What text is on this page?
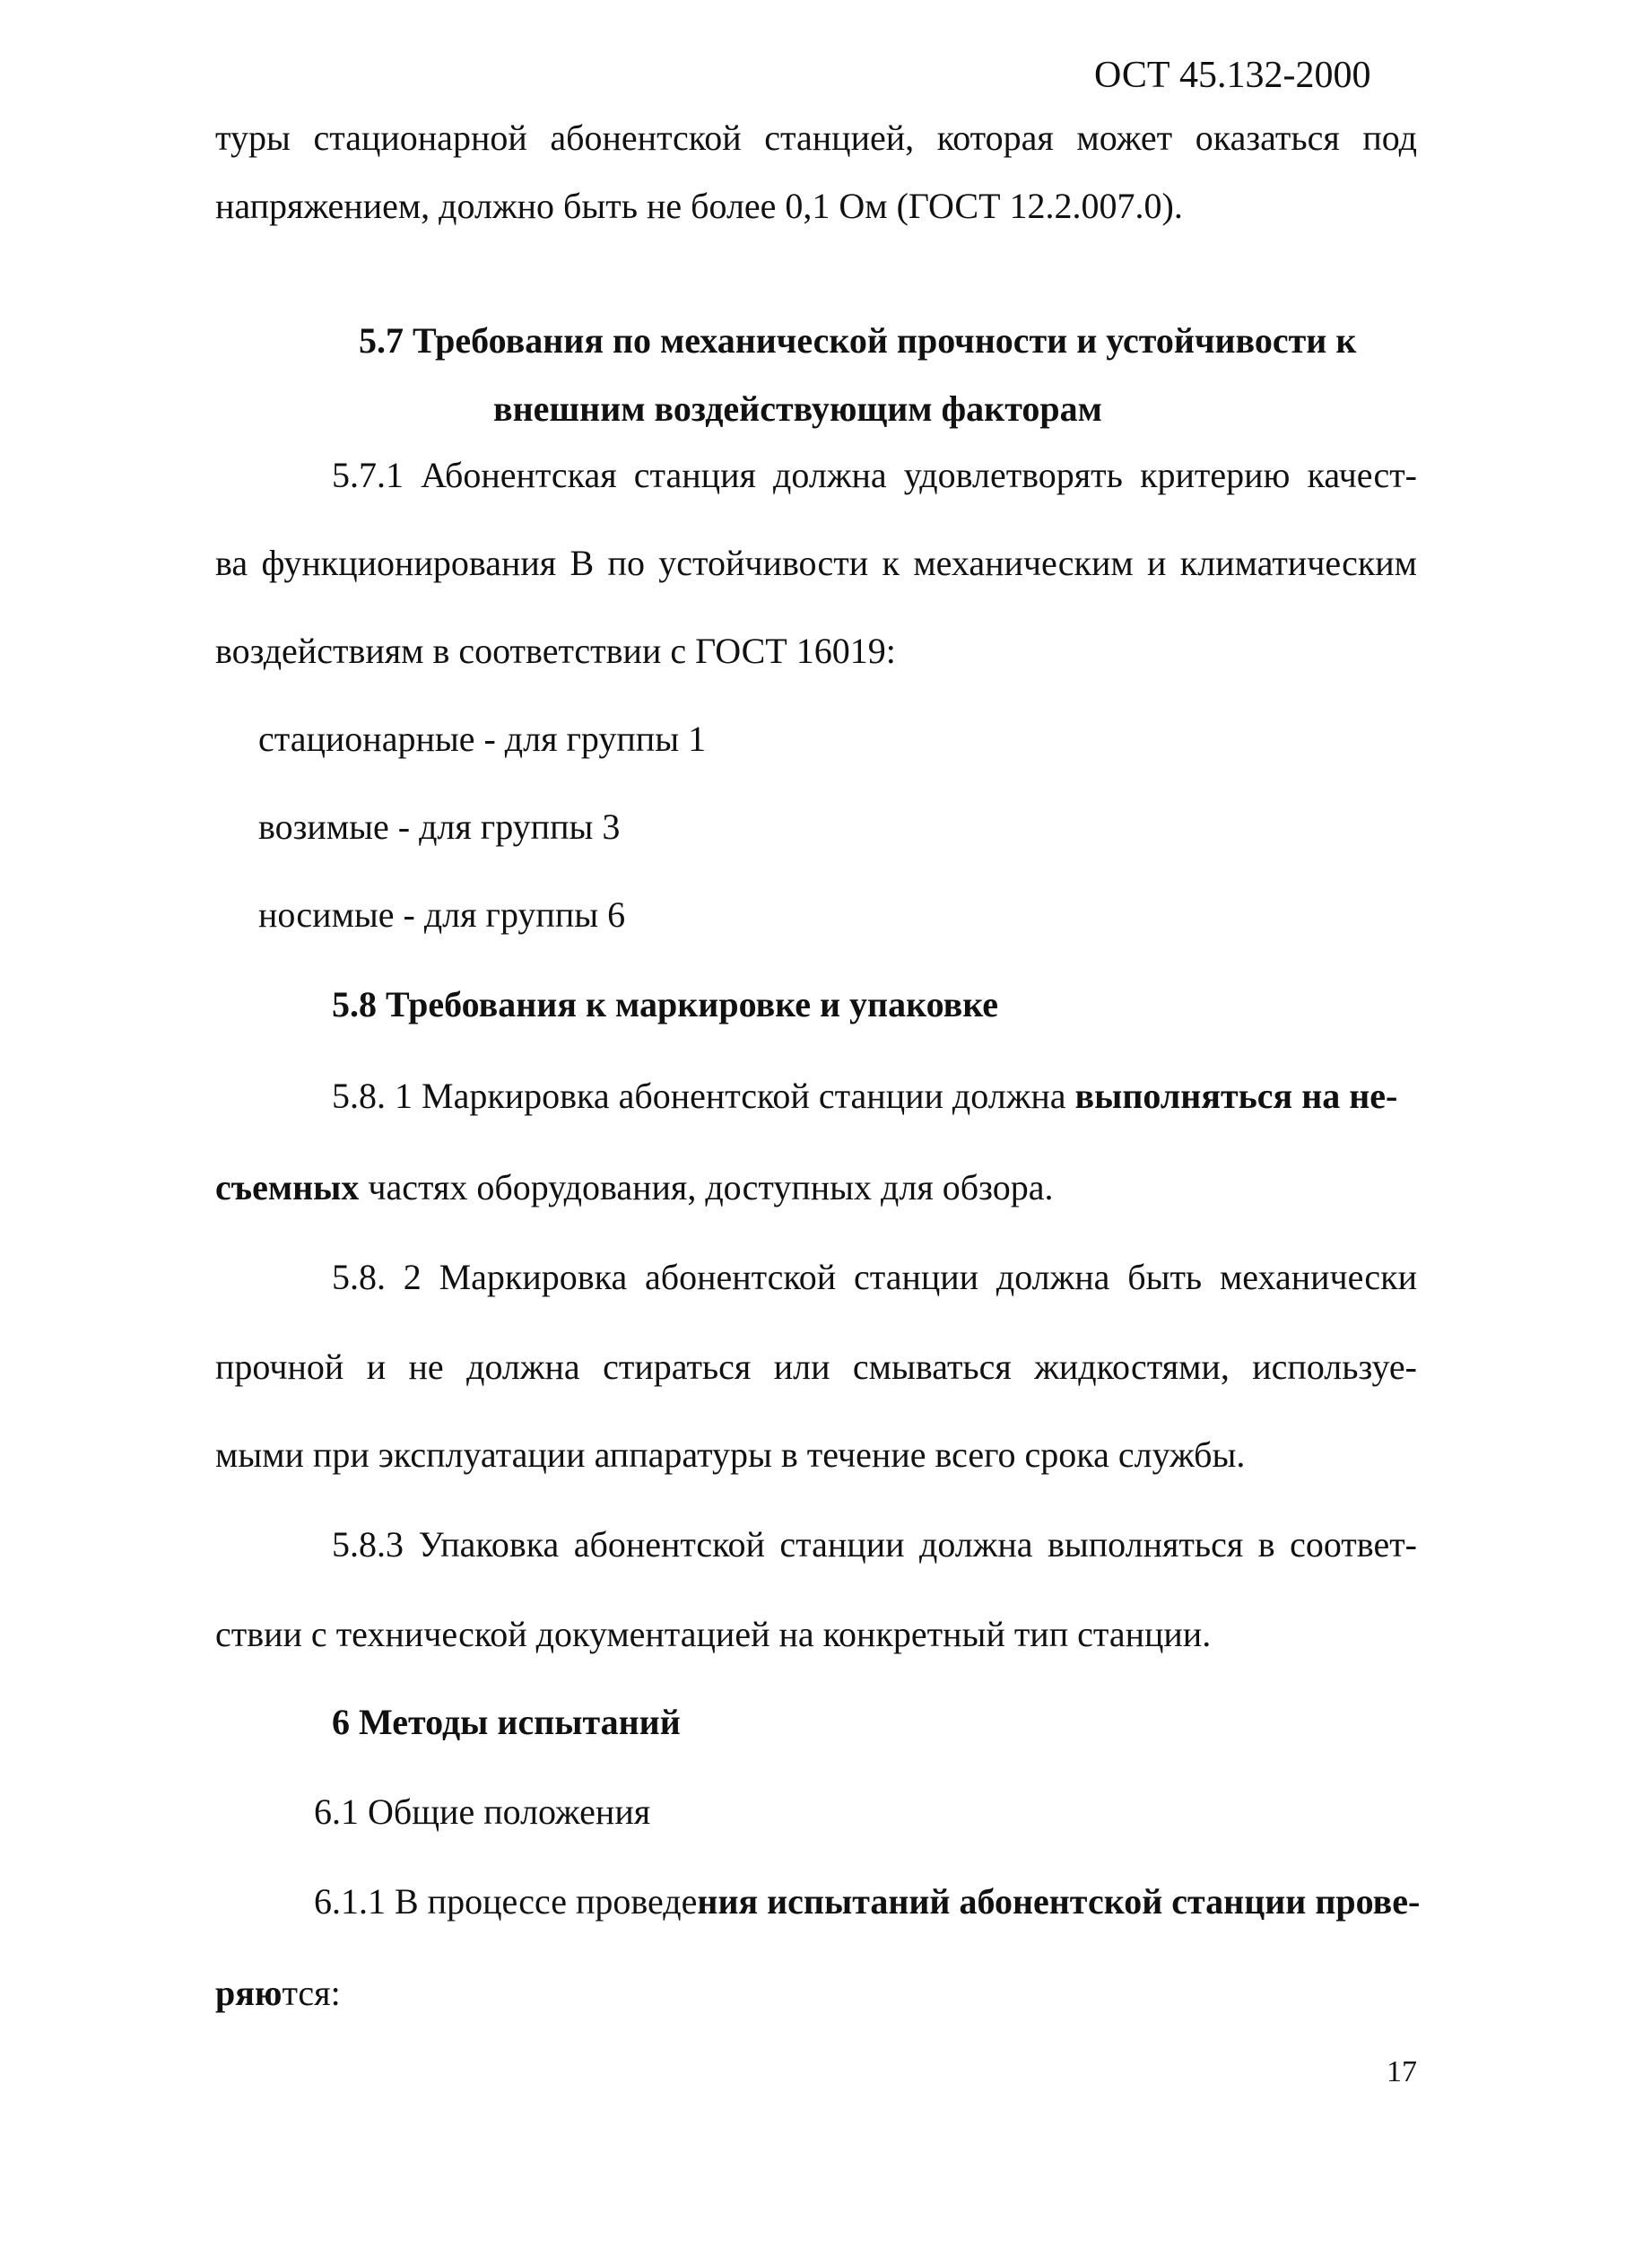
ОСТ 45.132-2000
туры стационарной абонентской станцией, которая может оказаться под
напряжением, должно быть не более 0,1 Ом (ГОСТ 12.2.007.0).
5.7 Требования по механической прочности и устойчивости к
внешним воздействующим факторам
5.7.1 Абонентская станция должна удовлетворять критерию качест-
ва функционирования В по устойчивости к механическим и климатическим
воздействиям в соответствии с ГОСТ 16019:
стационарные - для группы 1
возимые - для группы 3
носимые - для группы 6
5.8 Требования к маркировке и упаковке
5.8. 1 Маркировка абонентской станции должна выполняться на не-
съемных частях оборудования, доступных для обзора.
5.8. 2 Маркировка абонентской станции должна быть механически
прочной и не должна стираться или смываться жидкостями, используе-
мыми при эксплуатации аппаратуры в течение всего срока службы.
5.8.3 Упаковка абонентской станции должна выполняться в соответ-
ствии с технической документацией на конкретный тип станции.
6 Методы испытаний
6.1 Общие положения
6.1.1 В процессе проведения испытаний абонентской станции прове-
ряются:
17
